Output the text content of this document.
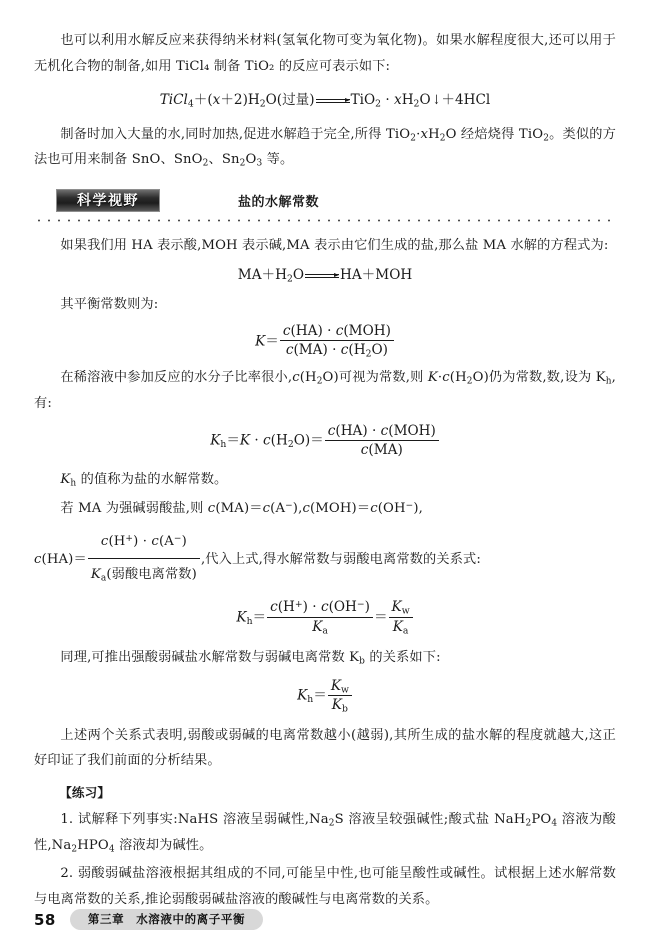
也可以利用水解反应来获得纳米材料(氢氧化物可变为氧化物)。如果水解程度很大,还可以用于无机化合物的制备,如用 TiCl₄ 制备 TiO₂ 的反应可表示如下:

$TiCl_4+(x+2)H_2O$(过量)	$TiO_2 \cdot xH_2O↓+4HCl$

制备时加入大量的水,同时加热,促进水解趋于完全,所得 $TiO_2\cdot xH_2O$ 经焙烧得 TiO$_2$。类似的方法也可用来制备 SnO、SnO$_2$、$Sn_2O_3$ 等。

科学视野	盐的水解常数

如果我们用 HA 表示酸,MOH 表示碱,MA 表示由它们生成的盐,那么盐 MA 水解的方程式为:

$MA+H_2O$	HA＋MOH

其平衡常数则为:

$K= \frac{\text{c(HA) · c(MOH)}}{c(MA) \cdot c(H_2O)}$

在稀溶液中参加反应的水分子比率很小$,c(H_2O)$可视为常数,则 $K\cdot c(H_2O)$仍为常数,数,设为 $K_h$,有:

$K_h=K \cdot c(H_2O)= \frac{\text{c(HA) · c(MOH)}}{c(MA)}$

$K_h$ 的值称为盐的水解常数。

若 MA 为强碱弱酸盐,则 c(MA)＝c(A−),c(MOH)＝c(OH−),

$c(HA)= \frac{c(H^+) \cdot c(A^-)}{K_a(弱酸电离常数)}$ ,代入上式,得水解常数与弱酸电离常数的关系式:
$K_h= \frac{c(H^+) \cdot c(OH^-)}{K_a} = \frac{K_w}{K_a}$

同理,可推出强酸弱碱盐水解常数与弱碱电离常数 $K_b$ 的关系如下:

$K_h= \frac{K_w}{K_b}$

上述两个关系式表明,弱酸或弱碱的电离常数越小(越弱),其所生成的盐水解的程度就越大,这正好印证了我们前面的分析结果。

【练习】

1. 试解释下列事实:NaHS 溶液呈弱碱性$,Na_2S$ 溶液呈较强碱性;酸式盐 $NaH_2PO_4$ 溶液为酸性$,Na_2HPO_4$ 溶液却为碱性。

2. 弱酸弱碱盐溶液根据其组成的不同,可能呈中性,也可能呈酸性或碱性。试根据上述水解常数与电离常数的关系,推论弱酸弱碱盐溶液的酸碱性与电离常数的关系。

58	第三章 水溶液中的离子平衡
